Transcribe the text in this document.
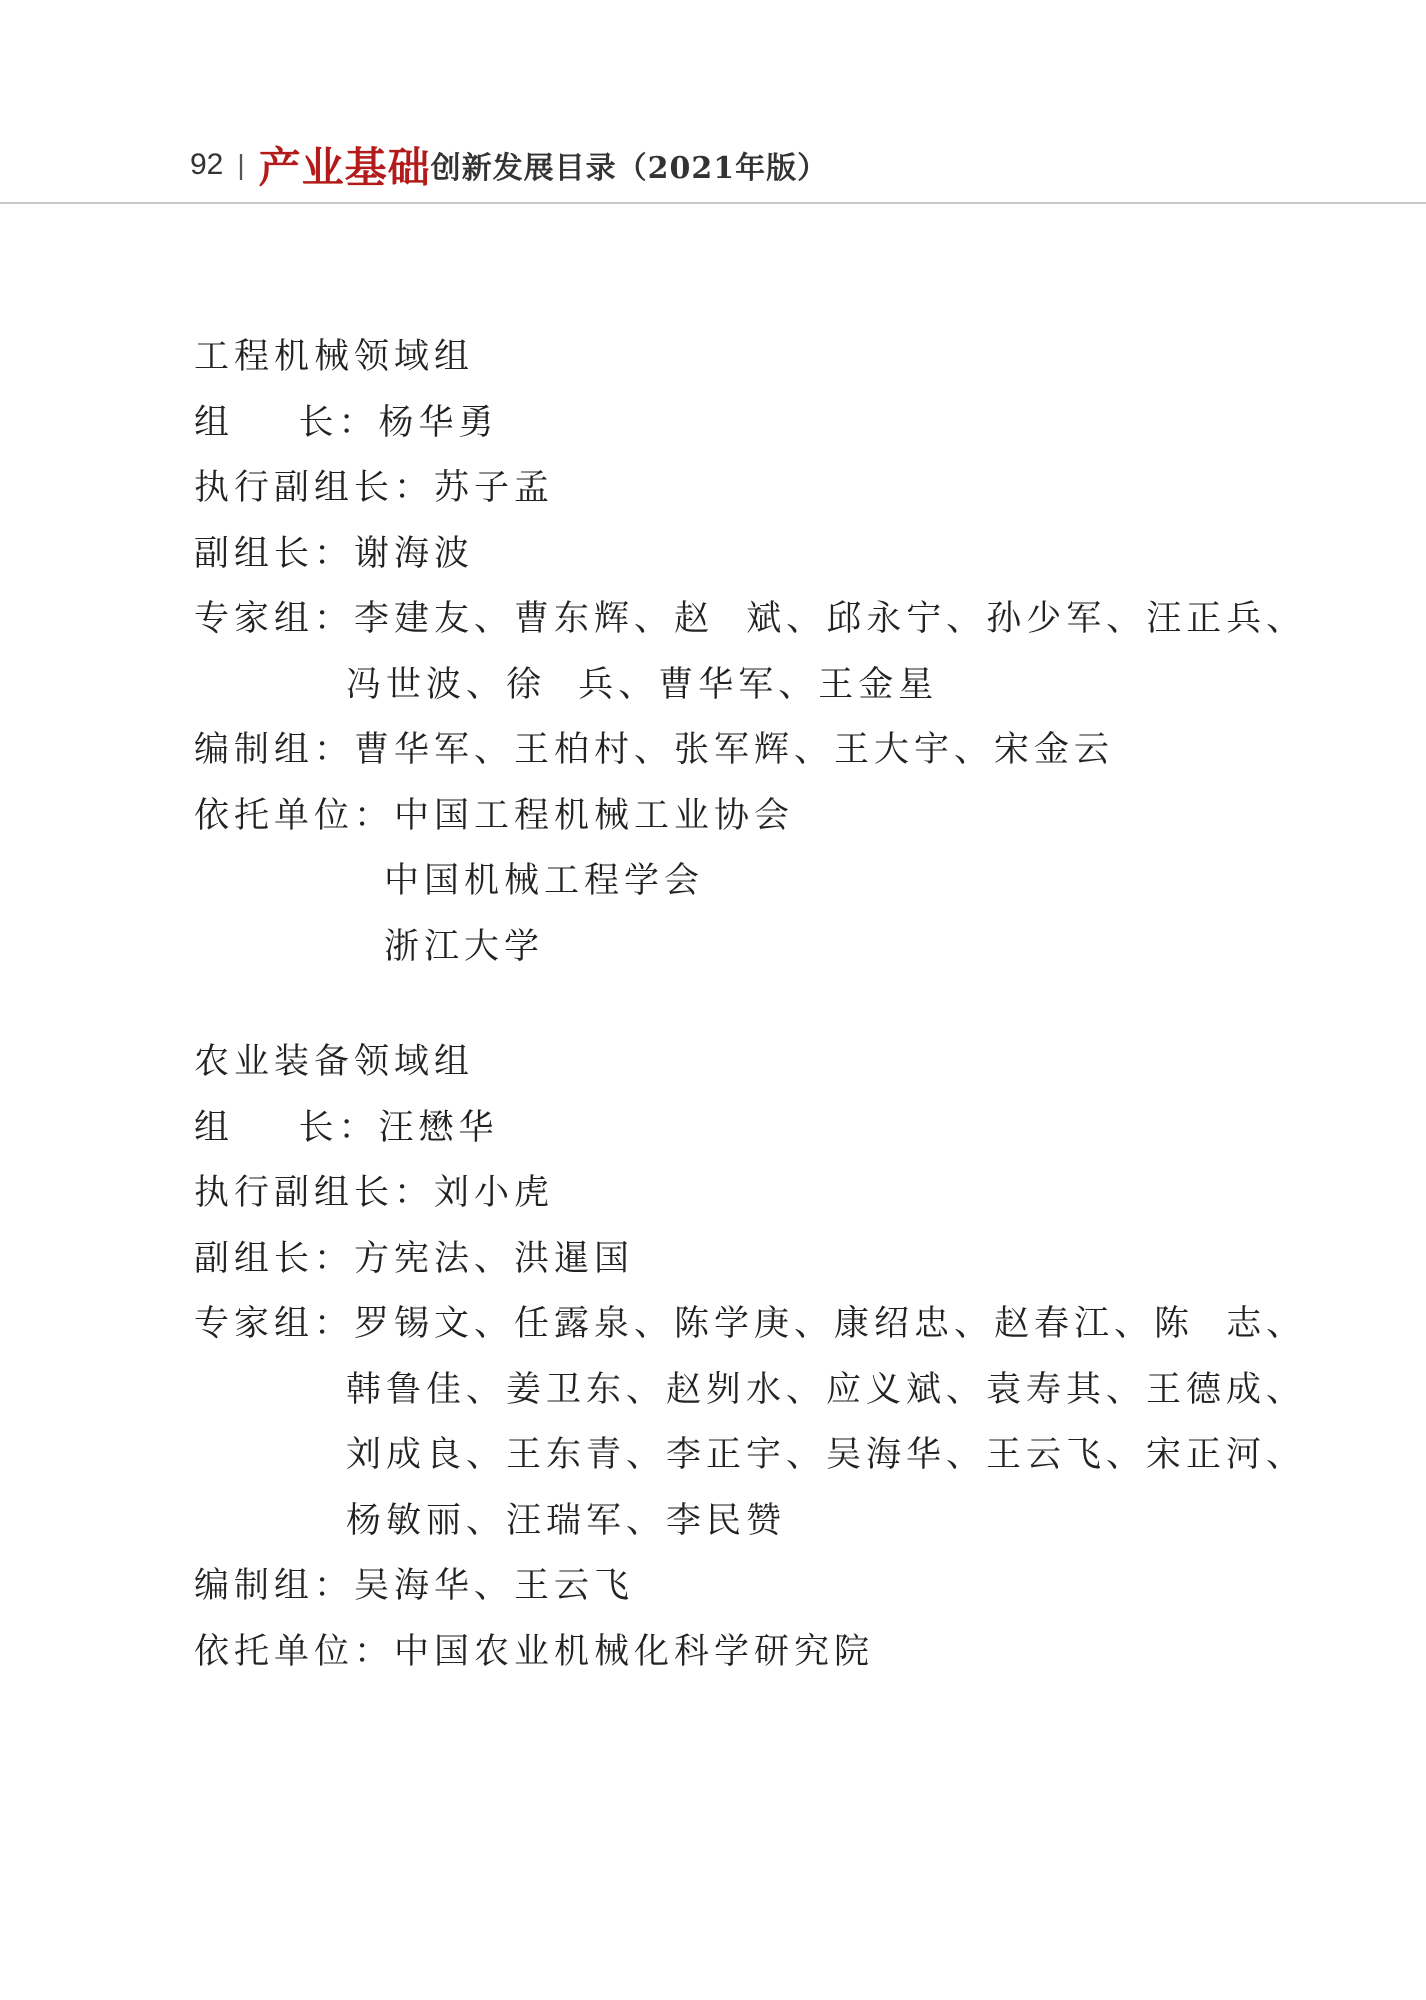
92 | 产业基础 创新发展目录（2021年版）
工程机械领域组
组    长：杨华勇
执行副组长：苏子孟
副组长：谢海波
专家组：李建友、曹东辉、赵  斌、邱永宁、孙少军、汪正兵、
冯世波、徐  兵、曹华军、王金星
编制组：曹华军、王柏村、张军辉、王大宇、宋金云
依托单位：中国工程机械工业协会
中国机械工程学会
浙江大学
农业装备领域组
组    长：汪懋华
执行副组长：刘小虎
副组长：方宪法、洪暹国
专家组：罗锡文、任露泉、陈学庚、康绍忠、赵春江、陈  志、
韩鲁佳、姜卫东、赵刿水、应义斌、袁寿其、王德成、
刘成良、王东青、李正宇、吴海华、王云飞、宋正河、
杨敏丽、汪瑞军、李民赞
编制组：吴海华、王云飞
依托单位：中国农业机械化科学研究院
